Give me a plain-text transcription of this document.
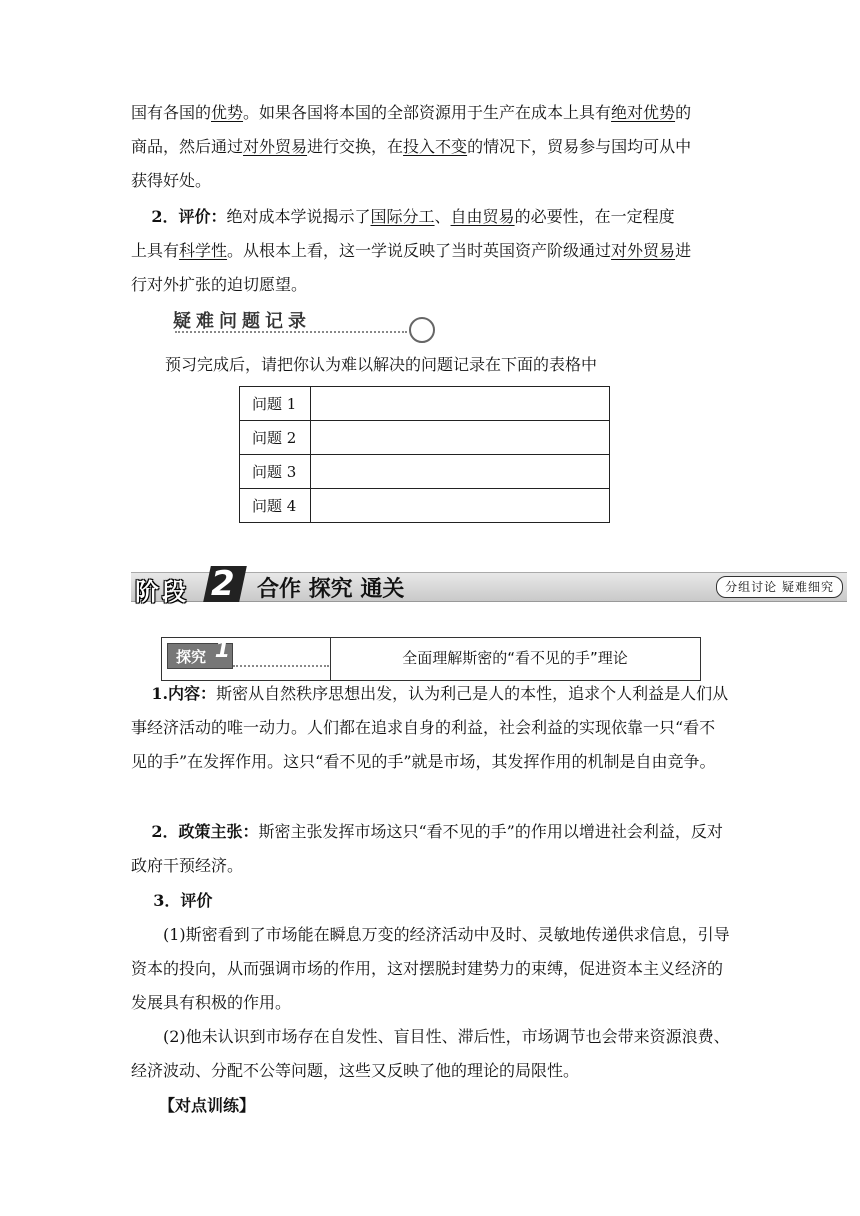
国有各国的优势。如果各国将本国的全部资源用于生产在成本上具有绝对优势的
商品，然后通过对外贸易进行交换，在投入不变的情况下，贸易参与国均可从中
获得好处。

2．评价：绝对成本学说揭示了国际分工、自由贸易的必要性，在一定程度
上具有科学性。从根本上看，这一学说反映了当时英国资产阶级通过对外贸易进
行对外扩张的迫切愿望。

疑难问题记录

预习完成后，请把你认为难以解决的问题记录在下面的表格中

问题 1	
问题 2	
问题 3	
问题 4	
阶段 2 合作 探究 通关	分组讨论 疑难细究
探究 1	全面理解斯密的“看不见的手”理论

1.内容：斯密从自然秩序思想出发，认为利己是人的本性，追求个人利益是人们从事经济活动的唯一动力。人们都在追求自身的利益，社会利益的实现依靠一只“看不见的手”在发挥作用。这只“看不见的手”就是市场，其发挥作用的机制是自由竞争。

2．政策主张：斯密主张发挥市场这只“看不见的手”的作用以增进社会利益，反对政府干预经济。

3．评价

(1)斯密看到了市场能在瞬息万变的经济活动中及时、灵敏地传递供求信息，引导资本的投向，从而强调市场的作用，这对摆脱封建势力的束缚，促进资本主义经济的发展具有积极的作用。

(2)他未认识到市场存在自发性、盲目性、滞后性，市场调节也会带来资源浪费、经济波动、分配不公等问题，这些又反映了他的理论的局限性。

【对点训练】
